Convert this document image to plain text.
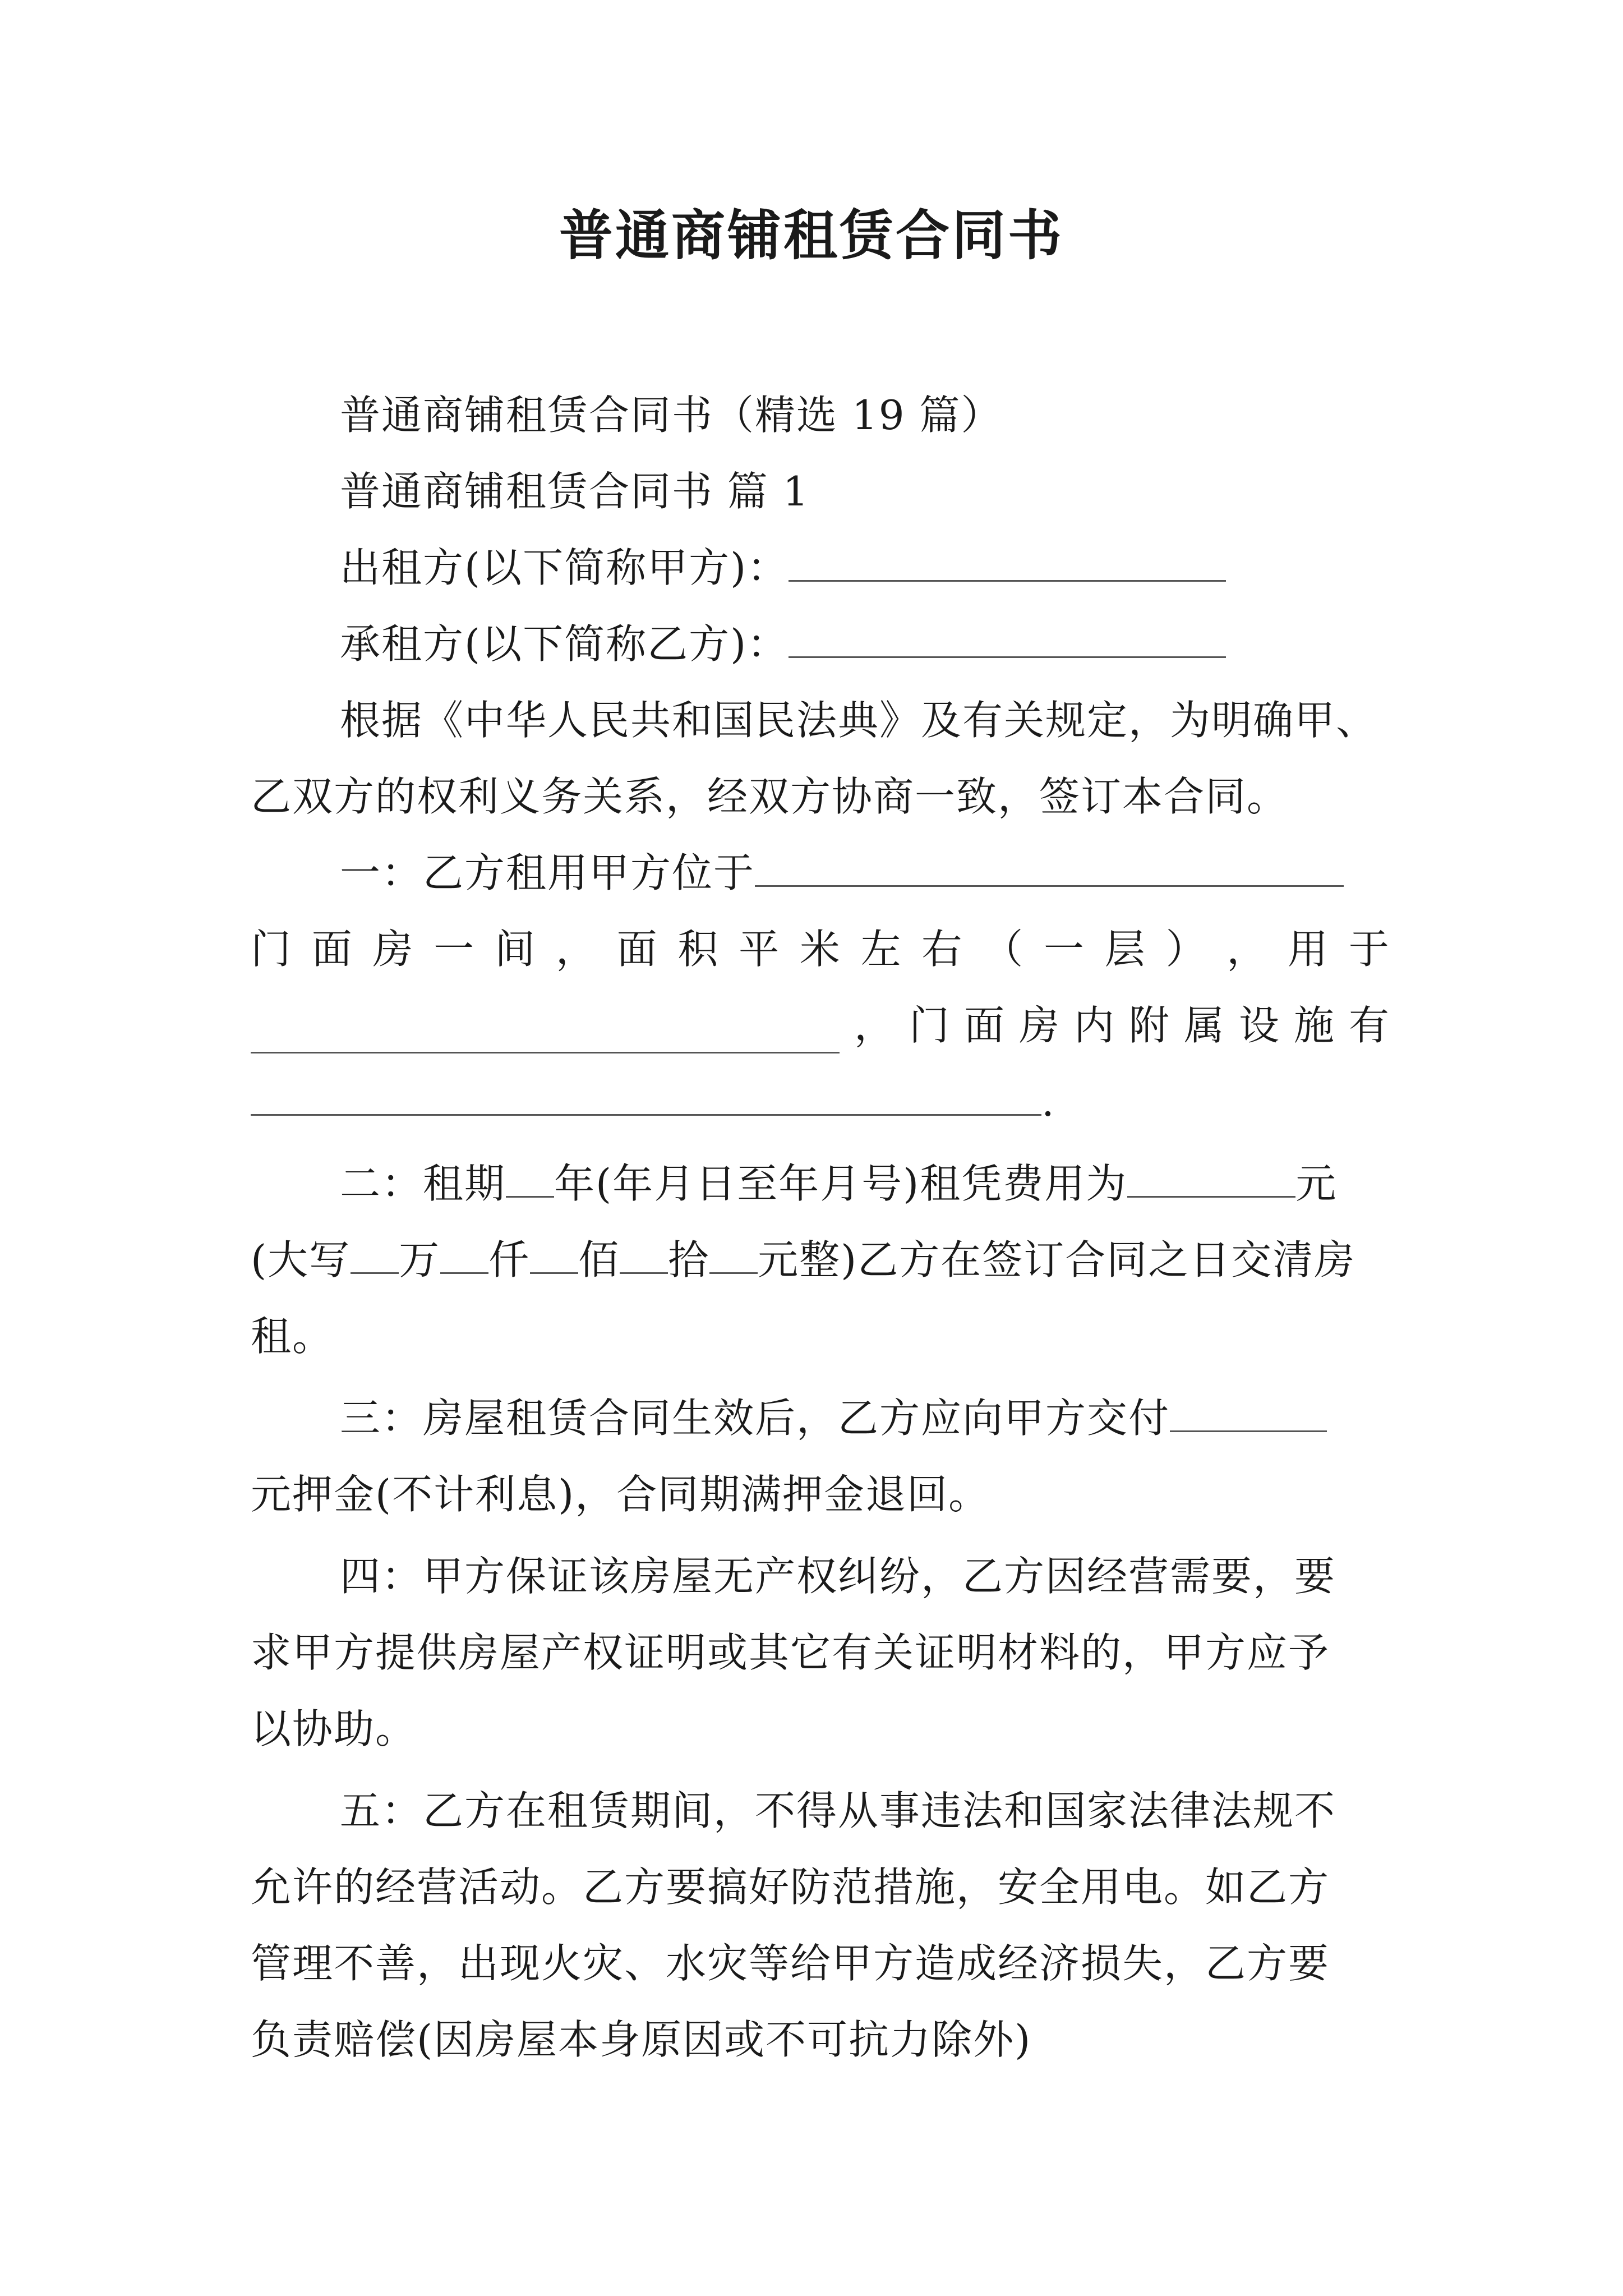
普通商铺租赁合同书
普通商铺租赁合同书（精选 19 篇）
普通商铺租赁合同书 篇 1
出租方(以下简称甲方)：
承租方(以下简称乙方)：
根据《中华人民共和国民法典》及有关规定，为明确甲、
乙双方的权利义务关系，经双方协商一致，签订本合同。
一：乙方租用甲方位于
门 面 房 一 间 ， 面 积 平 米 左 右 （ 一 层 ） ， 用 于
， 门 面 房 内 附 属 设 施 有
.
二：租期 年(年月日至年月号)租凭费用为	元
(大写 万 仟 佰 拾 元整)乙方在签订合同之日交清房
租。
三：房屋租赁合同生效后，乙方应向甲方交付
元押金(不计利息)，合同期满押金退回。
四：甲方保证该房屋无产权纠纷，乙方因经营需要，要
求甲方提供房屋产权证明或其它有关证明材料的，甲方应予
以协助。
五：乙方在租赁期间，不得从事违法和国家法律法规不
允许的经营活动。乙方要搞好防范措施，安全用电。如乙方
管理不善，出现火灾、水灾等给甲方造成经济损失，乙方要
负责赔偿(因房屋本身原因或不可抗力除外)
